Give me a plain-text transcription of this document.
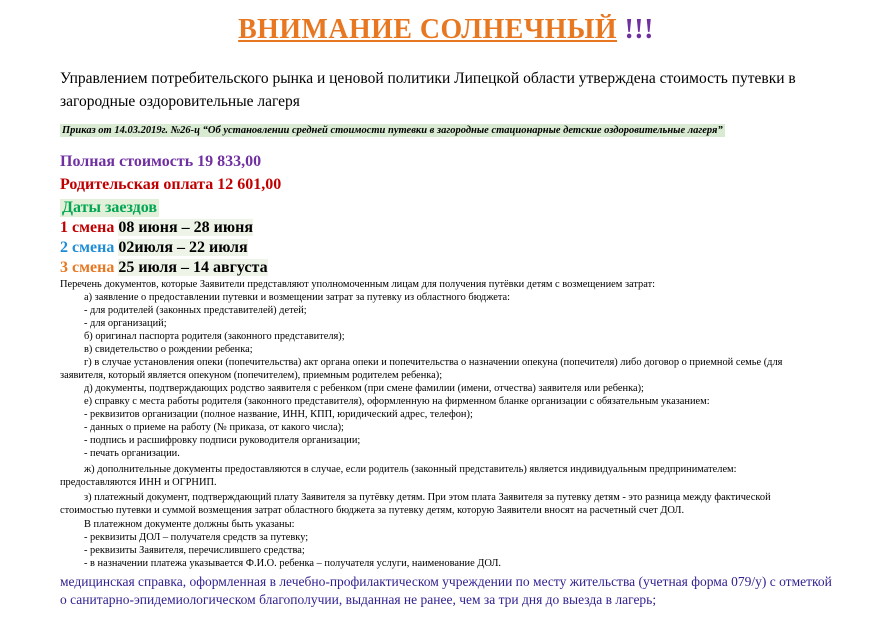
ВНИМАНИЕ СОЛНЕЧНЫЙ !!!
Управлением потребительского рынка и ценовой политики Липецкой области утверждена стоимость путевки в
загородные оздоровительные лагеря
Приказ от 14.03.2019г. №26-ц “Об установлении средней стоимости путевки в загородные стационарные детские оздоровительные лагеря”
Полная стоимость 19 833,00
Родительская оплата 12 601,00
Даты заездов
1 смена 08 июня – 28 июня
2 смена 02июля – 22 июля
3 смена 25 июля – 14 августа
Перечень документов, которые Заявители представляют уполномоченным лицам для получения путёвки детям с возмещением затрат:
а) заявление о предоставлении путевки и возмещении затрат за путевку из областного бюджета:
- для родителей (законных представителей) детей;
- для организаций;
б) оригинал паспорта родителя (законного представителя);
в) свидетельство о рождении ребенка;
г) в случае установления опеки (попечительства) акт органа опеки и попечительства о назначении опекуна (попечителя) либо договор о приемной семье (для
заявителя, который является опекуном (попечителем), приемным родителем ребенка);
д) документы, подтверждающих родство заявителя с ребенком (при смене фамилии (имени, отчества) заявителя или ребенка);
е) справку с места работы родителя (законного представителя), оформленную на фирменном бланке организации с обязательным указанием:
- реквизитов организации (полное название, ИНН, КПП, юридический адрес, телефон);
- данных о приеме на работу (№ приказа, от какого числа);
- подпись и расшифровку подписи руководителя организации;
- печать организации.
ж) дополнительные документы предоставляются в случае, если родитель (законный представитель) является индивидуальным предпринимателем:
предоставляются ИНН и ОГРНИП.
з) платежный документ, подтверждающий плату Заявителя за путёвку детям. При этом плата Заявителя за путевку детям - это разница между фактической
стоимостью путевки и суммой возмещения затрат областного бюджета за путевку детям, которую Заявители вносят на расчетный счет ДОЛ.
В платежном документе должны быть указаны:
- реквизиты ДОЛ – получателя средств за путевку;
- реквизиты Заявителя, перечислившего средства;
- в назначении платежа указывается Ф.И.О. ребенка – получателя услуги, наименование ДОЛ.
медицинская справка, оформленная в лечебно-профилактическом учреждении по месту жительства (учетная форма 079/у) с отметкой
о санитарно-эпидемиологическом благополучии, выданная не ранее, чем за три дня до выезда в лагерь;
